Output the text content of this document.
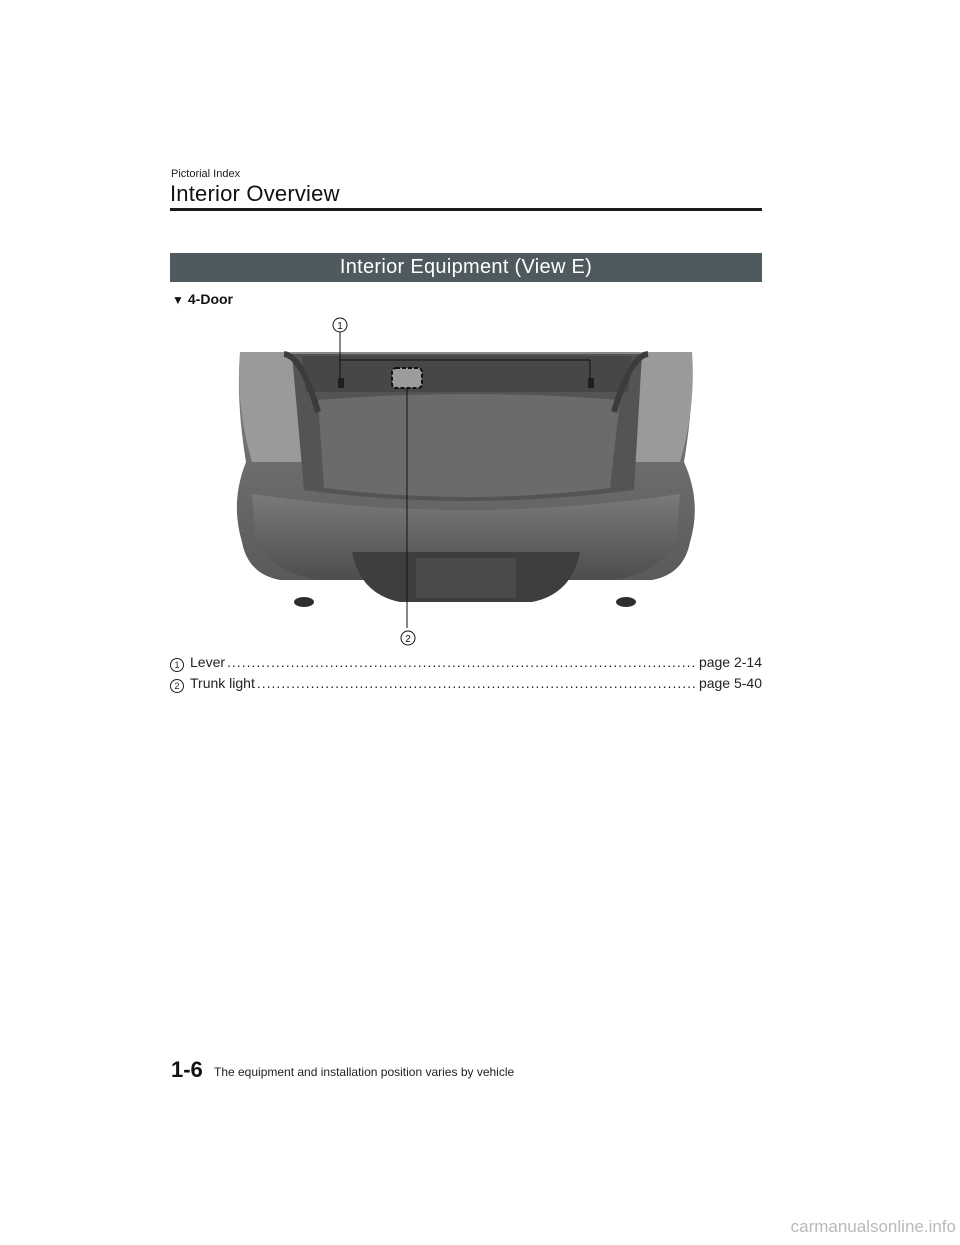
Pictorial Index
Interior Overview
Interior Equipment (View E)
▼ 4-Door
1
2
1 Lever .....	page 2-14
2 Trunk light .....	page 5-40
1-6 The equipment and installation position varies by vehicle
carmanualsonline.info
